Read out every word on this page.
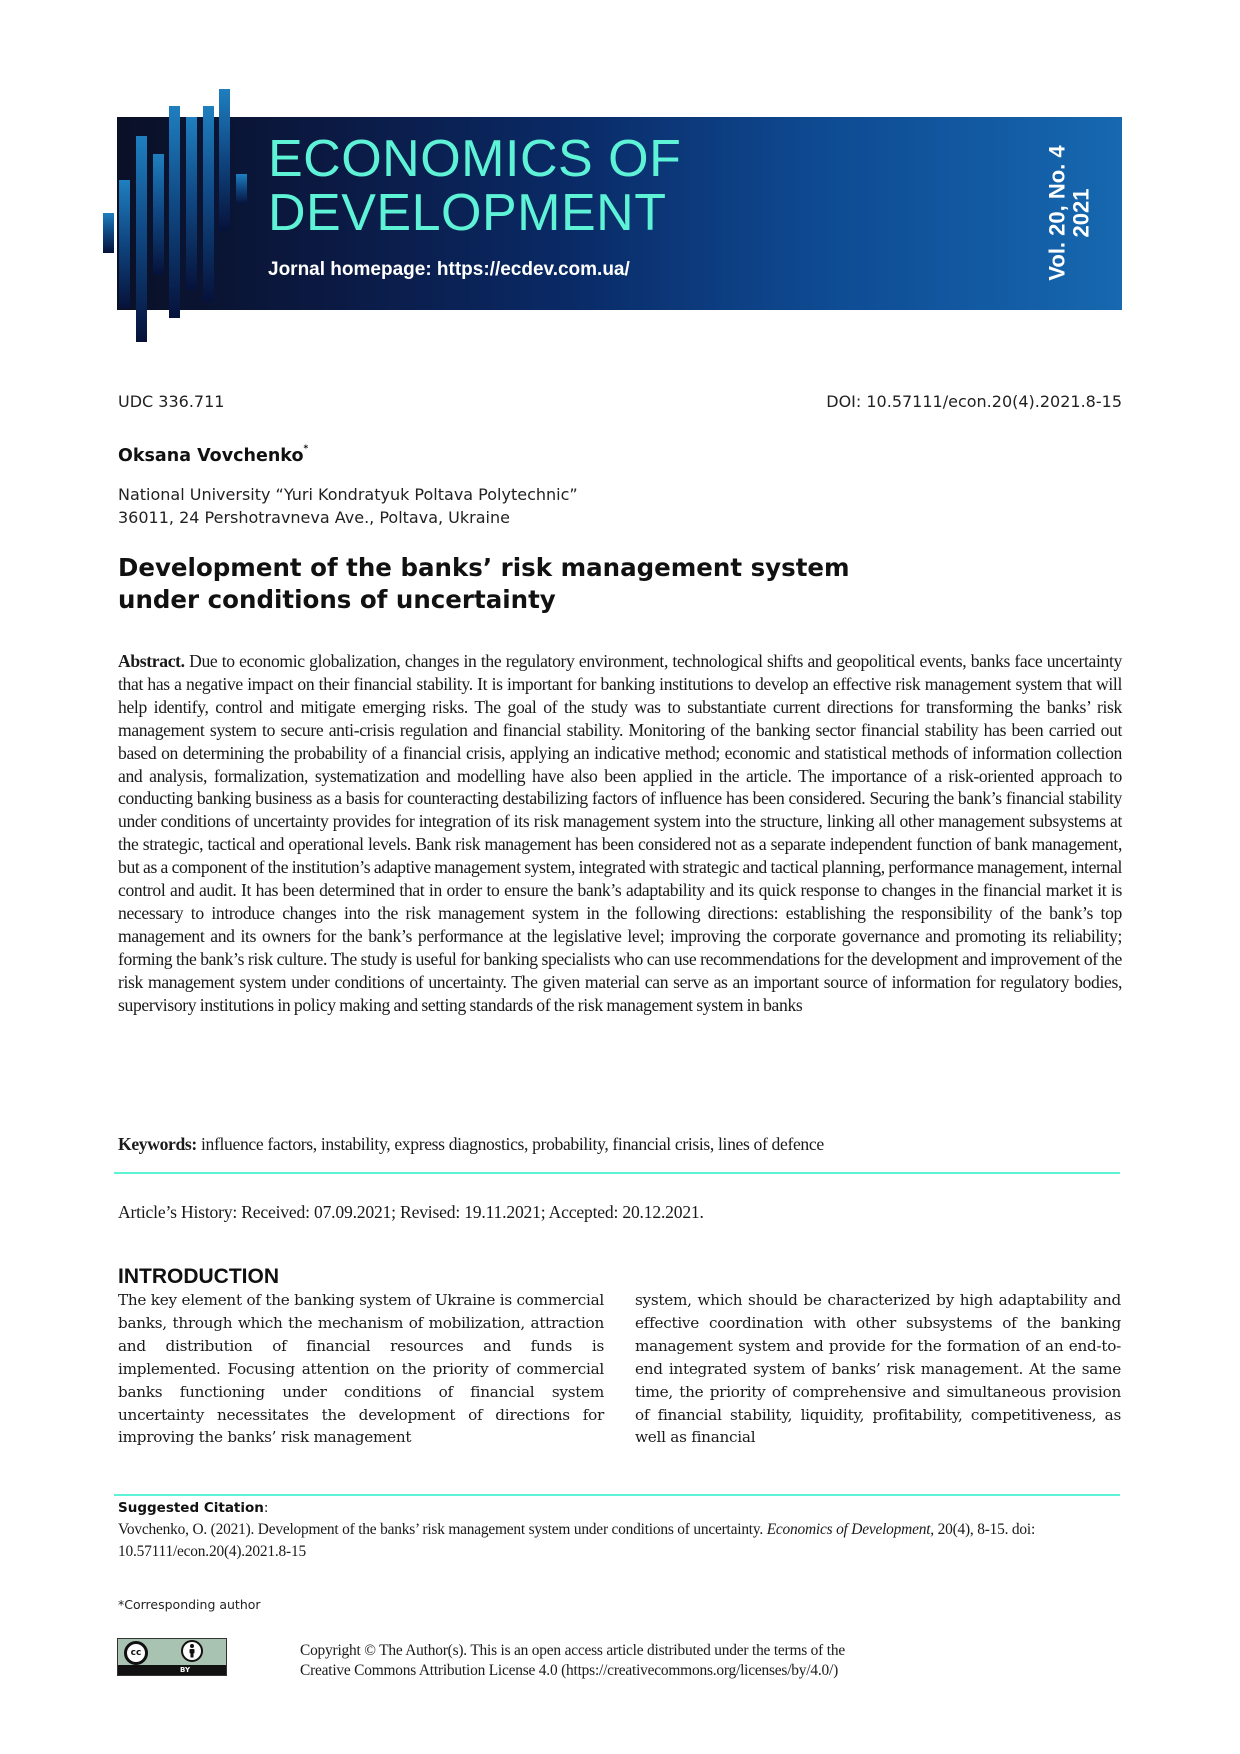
ECONOMICS OF
DEVELOPMENT
Jornal homepage: https://ecdev.com.ua/	Vol. 20, No. 4
2021
UDC 336.711	DOI: 10.57111/econ.20(4).2021.8-15
Oksana Vovchenko*
National University “Yuri Kondratyuk Poltava Polytechnic”
36011, 24 Pershotravneva Ave., Poltava, Ukraine
Development of the banks’ risk management system
under conditions of uncertainty

Abstract. Due to economic globalization, changes in the regulatory environment, technological shifts and geopolitical events, banks face uncertainty that has a negative impact on their financial stability. It is important for banking institutions to develop an effective risk management system that will help identify, control and mitigate emerging risks. The goal of the study was to substantiate current directions for transforming the banks’ risk management system to secure anti-crisis regulation and financial stability. Monitoring of the banking sector financial stability has been carried out based on determining the probability of a financial crisis, applying an indicative method; economic and statistical methods of information collection and analysis, formalization, systematization and modelling have also been applied in the article. The importance of a risk-oriented approach to conducting banking business as a basis for counteracting destabilizing factors of influence has been considered. Securing the bank’s financial stability under conditions of uncertainty provides for integration of its risk management system into the structure, linking all other management subsystems at the strategic, tactical and operational levels. Bank risk management has been considered not as a separate independent function of bank management, but as a component of the institution’s adaptive management system, integrated with strategic and tactical planning, performance management, internal control and audit. It has been determined that in order to ensure the bank’s adaptability and its quick response to changes in the financial market it is necessary to introduce changes into the risk management system in the following directions: establishing the responsibility of the bank’s top management and its owners for the bank’s performance at the legislative level; improving the corporate governance and promoting its reliability; forming the bank’s risk culture. The study is useful for banking specialists who can use recommendations for the development and improvement of the risk management system under conditions of uncertainty. The given material can serve as an important source of information for regulatory bodies, supervisory institutions in policy making and setting standards of the risk management system in banks

Keywords: influence factors, instability, express diagnostics, probability, financial crisis, lines of defence

Article’s History: Received: 07.09.2021; Revised: 19.11.2021; Accepted: 20.12.2021.
INTRODUCTION

The key element of the banking system of Ukraine is commercial banks, through which the mechanism of mobilization, attraction and distribution of financial resources and funds is implemented. Focusing attention on the priority of commercial banks functioning under conditions of financial system uncertainty necessitates the development of directions for improving the banks’ risk management

system, which should be characterized by high adaptability and effective coordination with other subsystems of the banking management system and provide for the formation of an end-to-end integrated system of banks’ risk management. At the same time, the priority of comprehensive and simultaneous provision of financial stability, liquidity, profitability, competitiveness, as well as financial

Suggested Citation:

Vovchenko, O. (2021). Development of the banks’ risk management system under conditions of uncertainty. Economics of Development, 20(4), 8-15. doi: 10.57111/econ.20(4).2021.8-15

*Corresponding author
cc
BY

Copyright © The Author(s). This is an open access article distributed under the terms of the
Creative Commons Attribution License 4.0 (https://creativecommons.org/licenses/by/4.0/)
